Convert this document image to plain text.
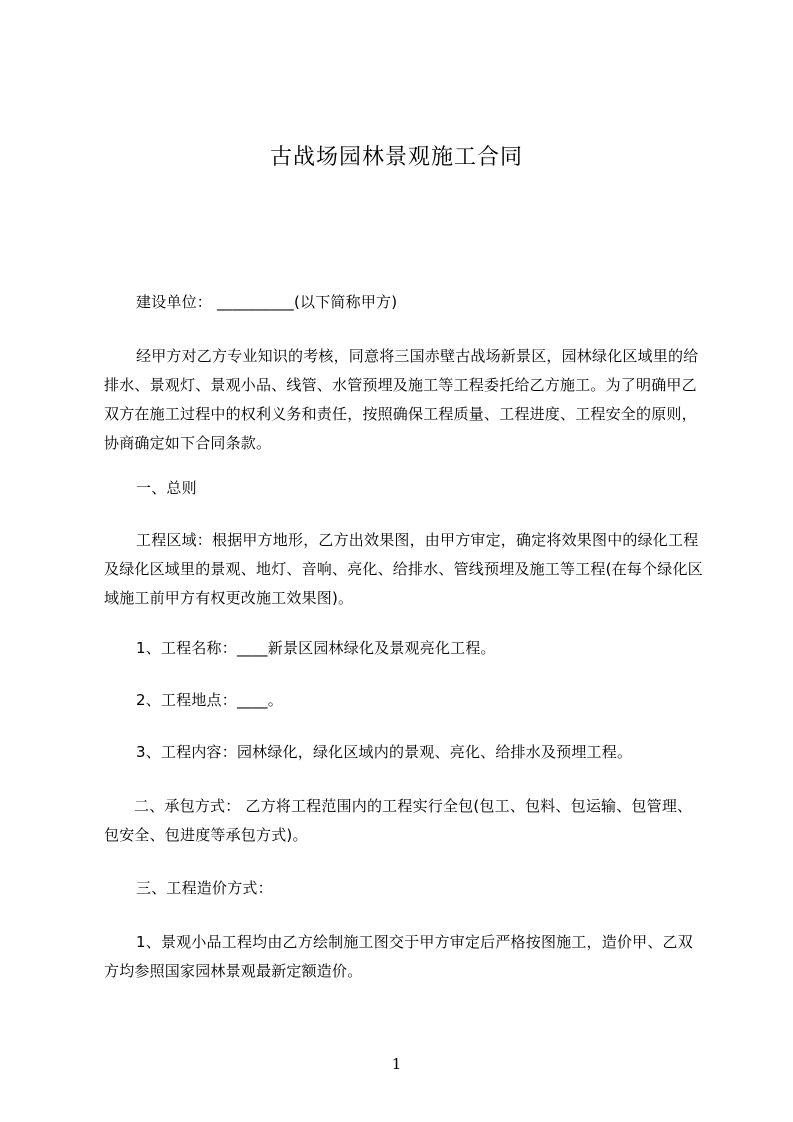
古战场园林景观施工合同
建设单位： __________(以下简称甲方)
经甲方对乙方专业知识的考核，同意将三国赤壁古战场新景区，园林绿化区域里的给排水、景观灯、景观小品、线管、水管预埋及施工等工程委托给乙方施工。为了明确甲乙双方在施工过程中的权利义务和责任，按照确保工程质量、工程进度、工程安全的原则，协商确定如下合同条款。
一、总则
工程区域：根据甲方地形，乙方出效果图，由甲方审定，确定将效果图中的绿化工程及绿化区域里的景观、地灯、音响、亮化、给排水、管线预埋及施工等工程(在每个绿化区域施工前甲方有权更改施工效果图)。
1、工程名称：____新景区园林绿化及景观亮化工程。
2、工程地点：____。
3、工程内容：园林绿化，绿化区域内的景观、亮化、给排水及预埋工程。
二、承包方式： 乙方将工程范围内的工程实行全包(包工、包料、包运输、包管理、包安全、包进度等承包方式)。
三、工程造价方式：
1、景观小品工程均由乙方绘制施工图交于甲方审定后严格按图施工，造价甲、乙双方均参照国家园林景观最新定额造价。
1
